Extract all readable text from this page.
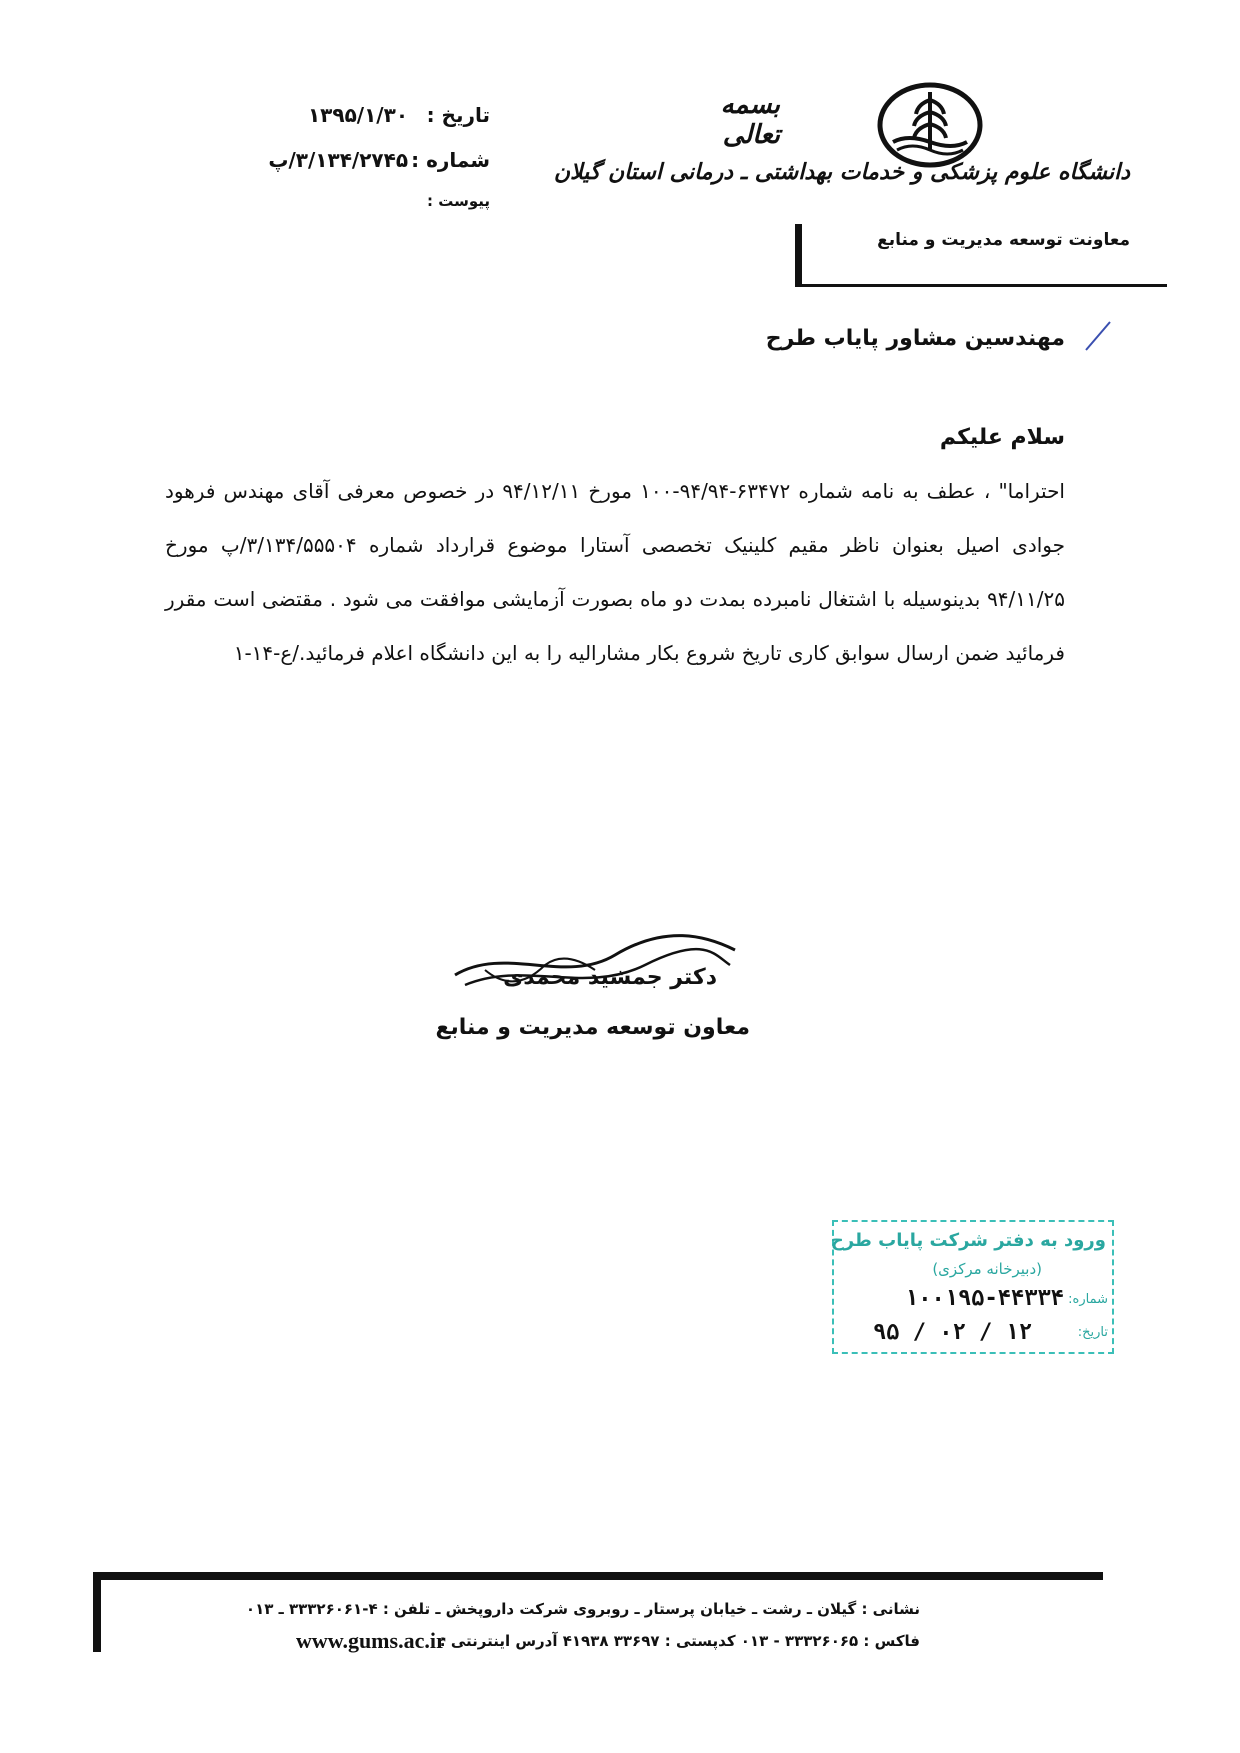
بسمه تعالی
دانشگاه علوم پزشکی و خدمات بهداشتی ـ درمانی استان گیلان
معاونت توسعه مدیریت و منابع
تاریخ : ۱۳۹۵/۱/۳۰
شماره : ۳/۱۳۴/۲۷۴۵/پ
پیوست :
مهندسین مشاور پایاب طرح
سلام علیکم
احتراما" ، عطف به نامه شماره ۶۳۴۷۲-۹۴/۹۴-۱۰۰ مورخ ۹۴/۱۲/۱۱ در خصوص معرفی آقای مهندس فرهود جوادی اصیل بعنوان ناظر مقیم کلینیک تخصصی آستارا موضوع قرارداد شماره ۳/۱۳۴/۵۵۵۰۴/پ مورخ ۹۴/۱۱/۲۵ بدینوسیله با اشتغال نامبرده بمدت دو ماه بصورت آزمایشی موافقت می شود . مقتضی است مقرر فرمائید ضمن ارسال سوابق کاری تاریخ شروع بکار مشارالیه را به این دانشگاه اعلام فرمائید./ع-۱۴-۱
دکتر جمشید محمدی
معاون توسعه مدیریت و منابع
ورود به دفتر شرکت پایاب طرح
(دبیرخانه مرکزی)
شماره:
۱۰۰۱۹۵-۴۴۳۳۴
تاریخ:
۱۲ / ۰۲ / ۹۵
نشانی : گیلان ـ رشت ـ خیابان پرستار ـ روبروی شرکت داروپخش ـ تلفن : ۴-۳۳۳۲۶۰۶۱ ـ ۰۱۳
فاکس : ۳۳۳۲۶۰۶۵ - ۰۱۳ کدپستی : ۳۳۶۹۷ ۴۱۹۳۸ آدرس اینترنتی :
www.gums.ac.ir
